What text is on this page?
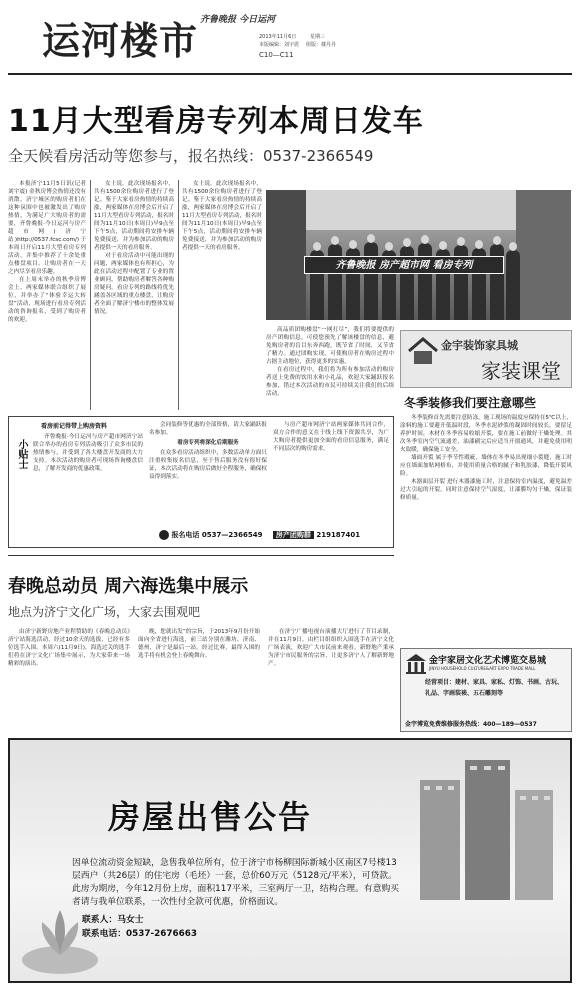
运河楼市 齐鲁晚报 今日运河
2013年11月6日	星期三
本版编辑：刘宇震 组版：楼丹丹
C10—C11
11月大型看房专列本周日发车
全天候看房活动等您参与，报名热线：0537-2366549

本报济宁11月5日讯(记者 刘宇震) 金秋房博会热情还没有消散，济宁城区的购房者们在这种氛围中也被激发出了购房热情，为满足广大购房者的需要，齐鲁晚报·今日运河与房产超市网(济宁站)http://0537.fcsc.com/)于本周日开启11月大型看房专列活动，并集中推荐了十余处重点楼盘项目，让购房者在一天之内尽享看房乐趣。

在上周末举办的秋季房博会上，两家媒体联合组织了展位，并举办了“体验幸运大转盘”活动，现场进行看房专列活动的咨询报名，受到了购房者的欢迎。

女士说。此次现场报名中，共有1500余位购房者进行了登记。鉴于大家看房热情的持续高涨，两家媒体在房博会后开启了11月大型看房专列活动，报名时间为11月10日(本周日)早9点至下午5点，活动期间将安排车辆免费接送，并为参加活动的购房者提供一天的看房服务。

对于看房活动中可能出现的问题，两家媒体也有所担心，为此在活动过程中配置了专业的置业顾问，帮助购房者解答各种购房疑问。看房专列的路线将优先涵盖各区域的重点楼盘，让购房者全面了解济宁楼市的整体发展情况。

女士说。此次现场报名中，共有1500余位购房者进行了登记。鉴于大家看房热情的持续高涨，两家媒体在房博会后开启了11月大型看房专列活动，报名时间为11月10日(本周日)早9点至下午5点，活动期间将安排车辆免费接送，并为参加活动的购房者提供一天的看房服务。

齐鲁晚报 房产超市网 看房专列

高品质团购楼盘“一网打尽”，我们将要提供的房产团购信息，可使您预先了解该楼盘的信息，避免购房者的盲目东奔西跑，既节省了时间，又节省了精力。通过团购实现，可使购房者在购房过程中占据主动地位，获得更多的实惠。

在看房过程中，我们将为所有参加活动的购房者送上免费的饮用水和小礼品，欢迎大家踊跃报名参加，错过本次活动的市民可持续关注我们的后续活动。

金宇装饰家具城
家装课堂
冬季装修我们要注意哪些

冬季装修首先需要注意防冻，施工现场的温度应保持在5℃以上，涂料的施工要避开低温时段，冬季水泥砂浆的凝固时间较长，要留足养护时间，木材在冬季容易收缩开裂，要在施工前做好干燥处理。其次冬季室内空气流通差，油漆刷完后应适当开窗通风，并避免使用明火取暖，确保施工安全。

墙面开裂 属于季节性瑕疵，墙体在冬季易出现细小裂缝，施工时应在墙面加贴网格布，并使用质量合格的腻子和乳胶漆，降低开裂风险。

木器面层开裂 进行木器漆施工时，注意保持室内温度，避免温差过大引起的开裂，同时注意保持空气湿度，让漆膜均匀干燥，保证装修质量。

小贴士
看房前记得带上购房资料

齐鲁晚报·今日运河与房产超市网济宁站联合举办的看房专列活动吸引了众多市民的热情参与，并受到了各大楼盘开发商的大力支持。本次活动的购房者可现场咨询楼盘信息，了解开发商的优惠政策。

会同装修等优惠的全部资格，请大家踊跃报名参加。

看房专列将深化后期服务

在众多看房活动组织中，多数活动单方面只注重收集报名信息，至于售后服务没有很好保证，本次活动将在购房后做好全程服务，确保权益得到落实。

与房产超市网济宁站两家媒体共同合作，双方合作的意义在于线上线下资源共享，为广大购房者提供更加全面的看房信息服务，满足不同层次的购房需求。

报名电话 0537—2366549 房产团购群 219187401
春晚总动员 周六海选集中展示
地点为济宁文化广场，大家去围观吧

由济宁新野房地产业程赞助的《春晚总动员》济宁站海选活动，经过10余天的选拔，已经有多位选手入围。本周六(11月9日)，海选过关的选手们将在济宁文化广场集中展示，为大家带来一场精彩的演出。

晚，您就出发”的宗旨，于2013年9月份开始面向全省进行海选，前三站分别在潍坊、济南、德州，济宁是最后一站。经过比赛，最终入围的选手将有机会登上春晚舞台。

在济宁广播电视台演播大厅进行了节目录制，并在11月9日，由栏目组组织入围选手在济宁文化广场表演，欢迎广大市民前来观看。新野地产秉承为济宁市民服务的宗旨，让更多济宁人了解新野地产。	金宇家居文化艺术博览交易城
JINYU HOUSEHOLD CULTURE&ART EXPO TRADE MALL
经营项目：建材、家具、家私、灯饰、书画、古玩、礼品、字画装裱、五石雕刻等
金宇博览免费维修服务热线：400—189—0537
房屋出售公告
因单位流动资金短缺，急售我单位所有，位于济宁市杨柳国际新城小区南区7号楼13层西户（共26层）的住宅房（毛坯）一套，总价60万元（5128元/平米），可贷款。此房为期房，今年12月份上房，面积117平米，三室两厅一卫，结构合理。有意购买者请与我单位联系，一次性付全款可优惠，价格面议。
联系人：马女士
联系电话：0537-2676663
